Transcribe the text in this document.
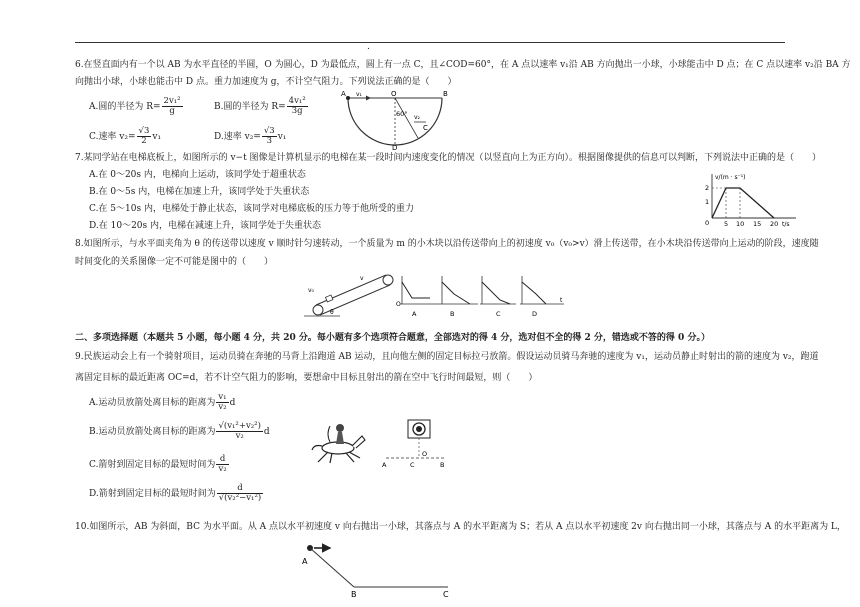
.
6.在竖直面内有一个以 AB 为水平直径的半圆，O 为圆心，D 为最低点，圆上有一点 C，且∠COD=60°，在 A 点以速率 v₁沿 AB 方向抛出一小球，小球能击中 D 点；在 C 点以速率 v₂沿 BA 方
向抛出小球，小球也能击中 D 点。重力加速度为 g，不计空气阻力。下列说法正确的是（　　）
A.圆的半径为 $R= \frac{\text{2v₁²}}{g}$	B.圆的半径为 $R= \frac{\text{4v₁²}}{3g}$
C.速率 $v_2= \frac{√3}{2} v_1$	D.速率 $v_2= \frac{√3}{3} v_1$
A v₁	O	B
60° v₂
C
D
7.某同学站在电梯底板上，如图所示的 v−t 图像是计算机显示的电梯在某一段时间内速度变化的情况（以竖直向上为正方向）。根据图像提供的信息可以判断，下列说法中正确的是（　　）
A.在 0～20s 内，电梯向上运动，该同学处于超重状态
B.在 0～5s 内，电梯在加速上升，该同学处于失重状态
C.在 5～10s 内，电梯处于静止状态，该同学对电梯底板的压力等于他所受的重力
D.在 10～20s 内，电梯在减速上升，该同学处于失重状态
v/(m · s⁻¹)
2
1
0 5 10 15 20 t/s
8.如图所示，与水平面夹角为 θ 的传送带以速度 v 顺时针匀速转动，一个质量为 m 的小木块以沿传送带向上的初速度 v₀（v₀>v）滑上传送带，在小木块沿传送带向上运动的阶段，速度随
时间变化的关系图像一定不可能是图中的（　　）
v
v₀
θ
O
A	B	C	D
t
二、多项选择题（本题共 5 小题，每小题 4 分，共 20 分。每小题有多个选项符合题意，全部选对的得 4 分，选对但不全的得 2 分，错选或不答的得 0 分。）
9.民族运动会上有一个骑射项目，运动员骑在奔驰的马背上沿跑道 AB 运动，且向他左侧的固定目标拉弓放箭。假设运动员骑马奔驰的速度为 v₁，运动员静止时射出的箭的速度为 v₂，跑道
离固定目标的最近距离 OC=d，若不计空气阻力的影响，要想命中目标且射出的箭在空中飞行时间最短，则（　　）
A.运动员放箭处离目标的距离为 $\frac{\text{v₁}}{\text{v₂}}$ d
B.运动员放箭处离目标的距离为 $\frac{\text{√(v₁²+v₂²)}}{\text{v₂}}$ d
C.箭射到固定目标的最短时间为 $\frac{d}{\text{v₂}}$
D.箭射到固定目标的最短时间为 $\frac{d}{\text{√(v₂²−v₁²)}}$
A	C
O
B
10.如图所示，AB 为斜面，BC 为水平面。从 A 点以水平初速度 v 向右抛出一小球，其落点与 A 的水平距离为 S；若从 A 点以水平初速度 2v 向右抛出同一小球，其落点与 A 的水平距离为 L，
A
B	C
